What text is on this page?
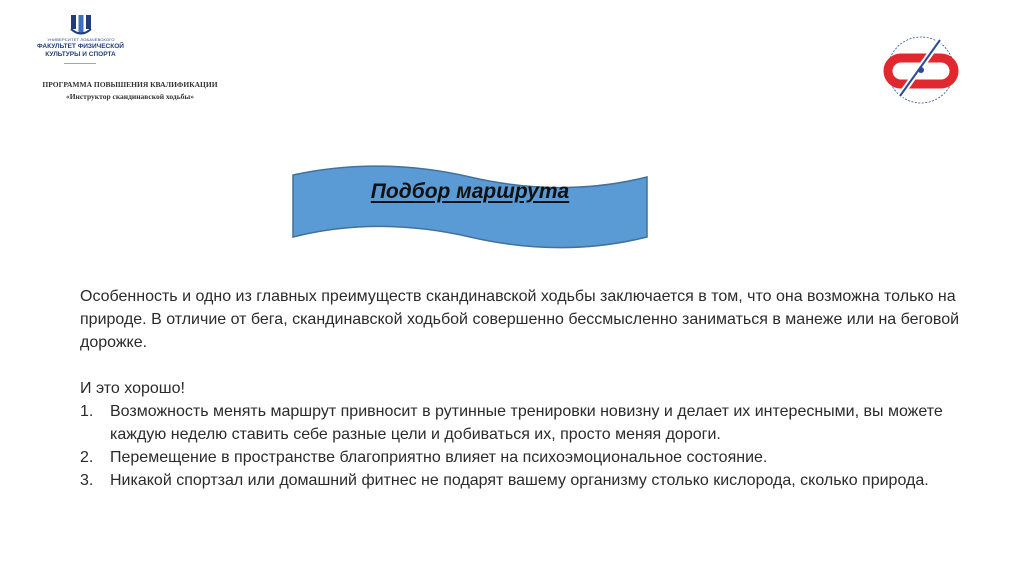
УНИВЕРСИТЕТ ЛОБАЧЕВСКОГО
ФАКУЛЬТЕТ ФИЗИЧЕСКОЙ КУЛЬТУРЫ И СПОРТА
ПРОГРАММА ПОВЫШЕНИЯ КВАЛИФИКАЦИИ
«Инструктор скандинавской ходьбы»
Подбор маршрута

Особенность и одно из главных преимуществ скандинавской ходьбы заключается в том, что она возможна только на природе. В отличие от бега, скандинавской ходьбой совершенно бессмысленно заниматься в манеже или на беговой дорожке.

И это хорошо!

1.	Возможность менять маршрут привносит в рутинные тренировки новизну и делает их интересными, вы можете каждую неделю ставить себе разные цели и добиваться их, просто меняя дороги.
2.	Перемещение в пространстве благоприятно влияет на психоэмоциональное состояние.
3.	Никакой спортзал или домашний фитнес не подарят вашему организму столько кислорода, сколько природа.
